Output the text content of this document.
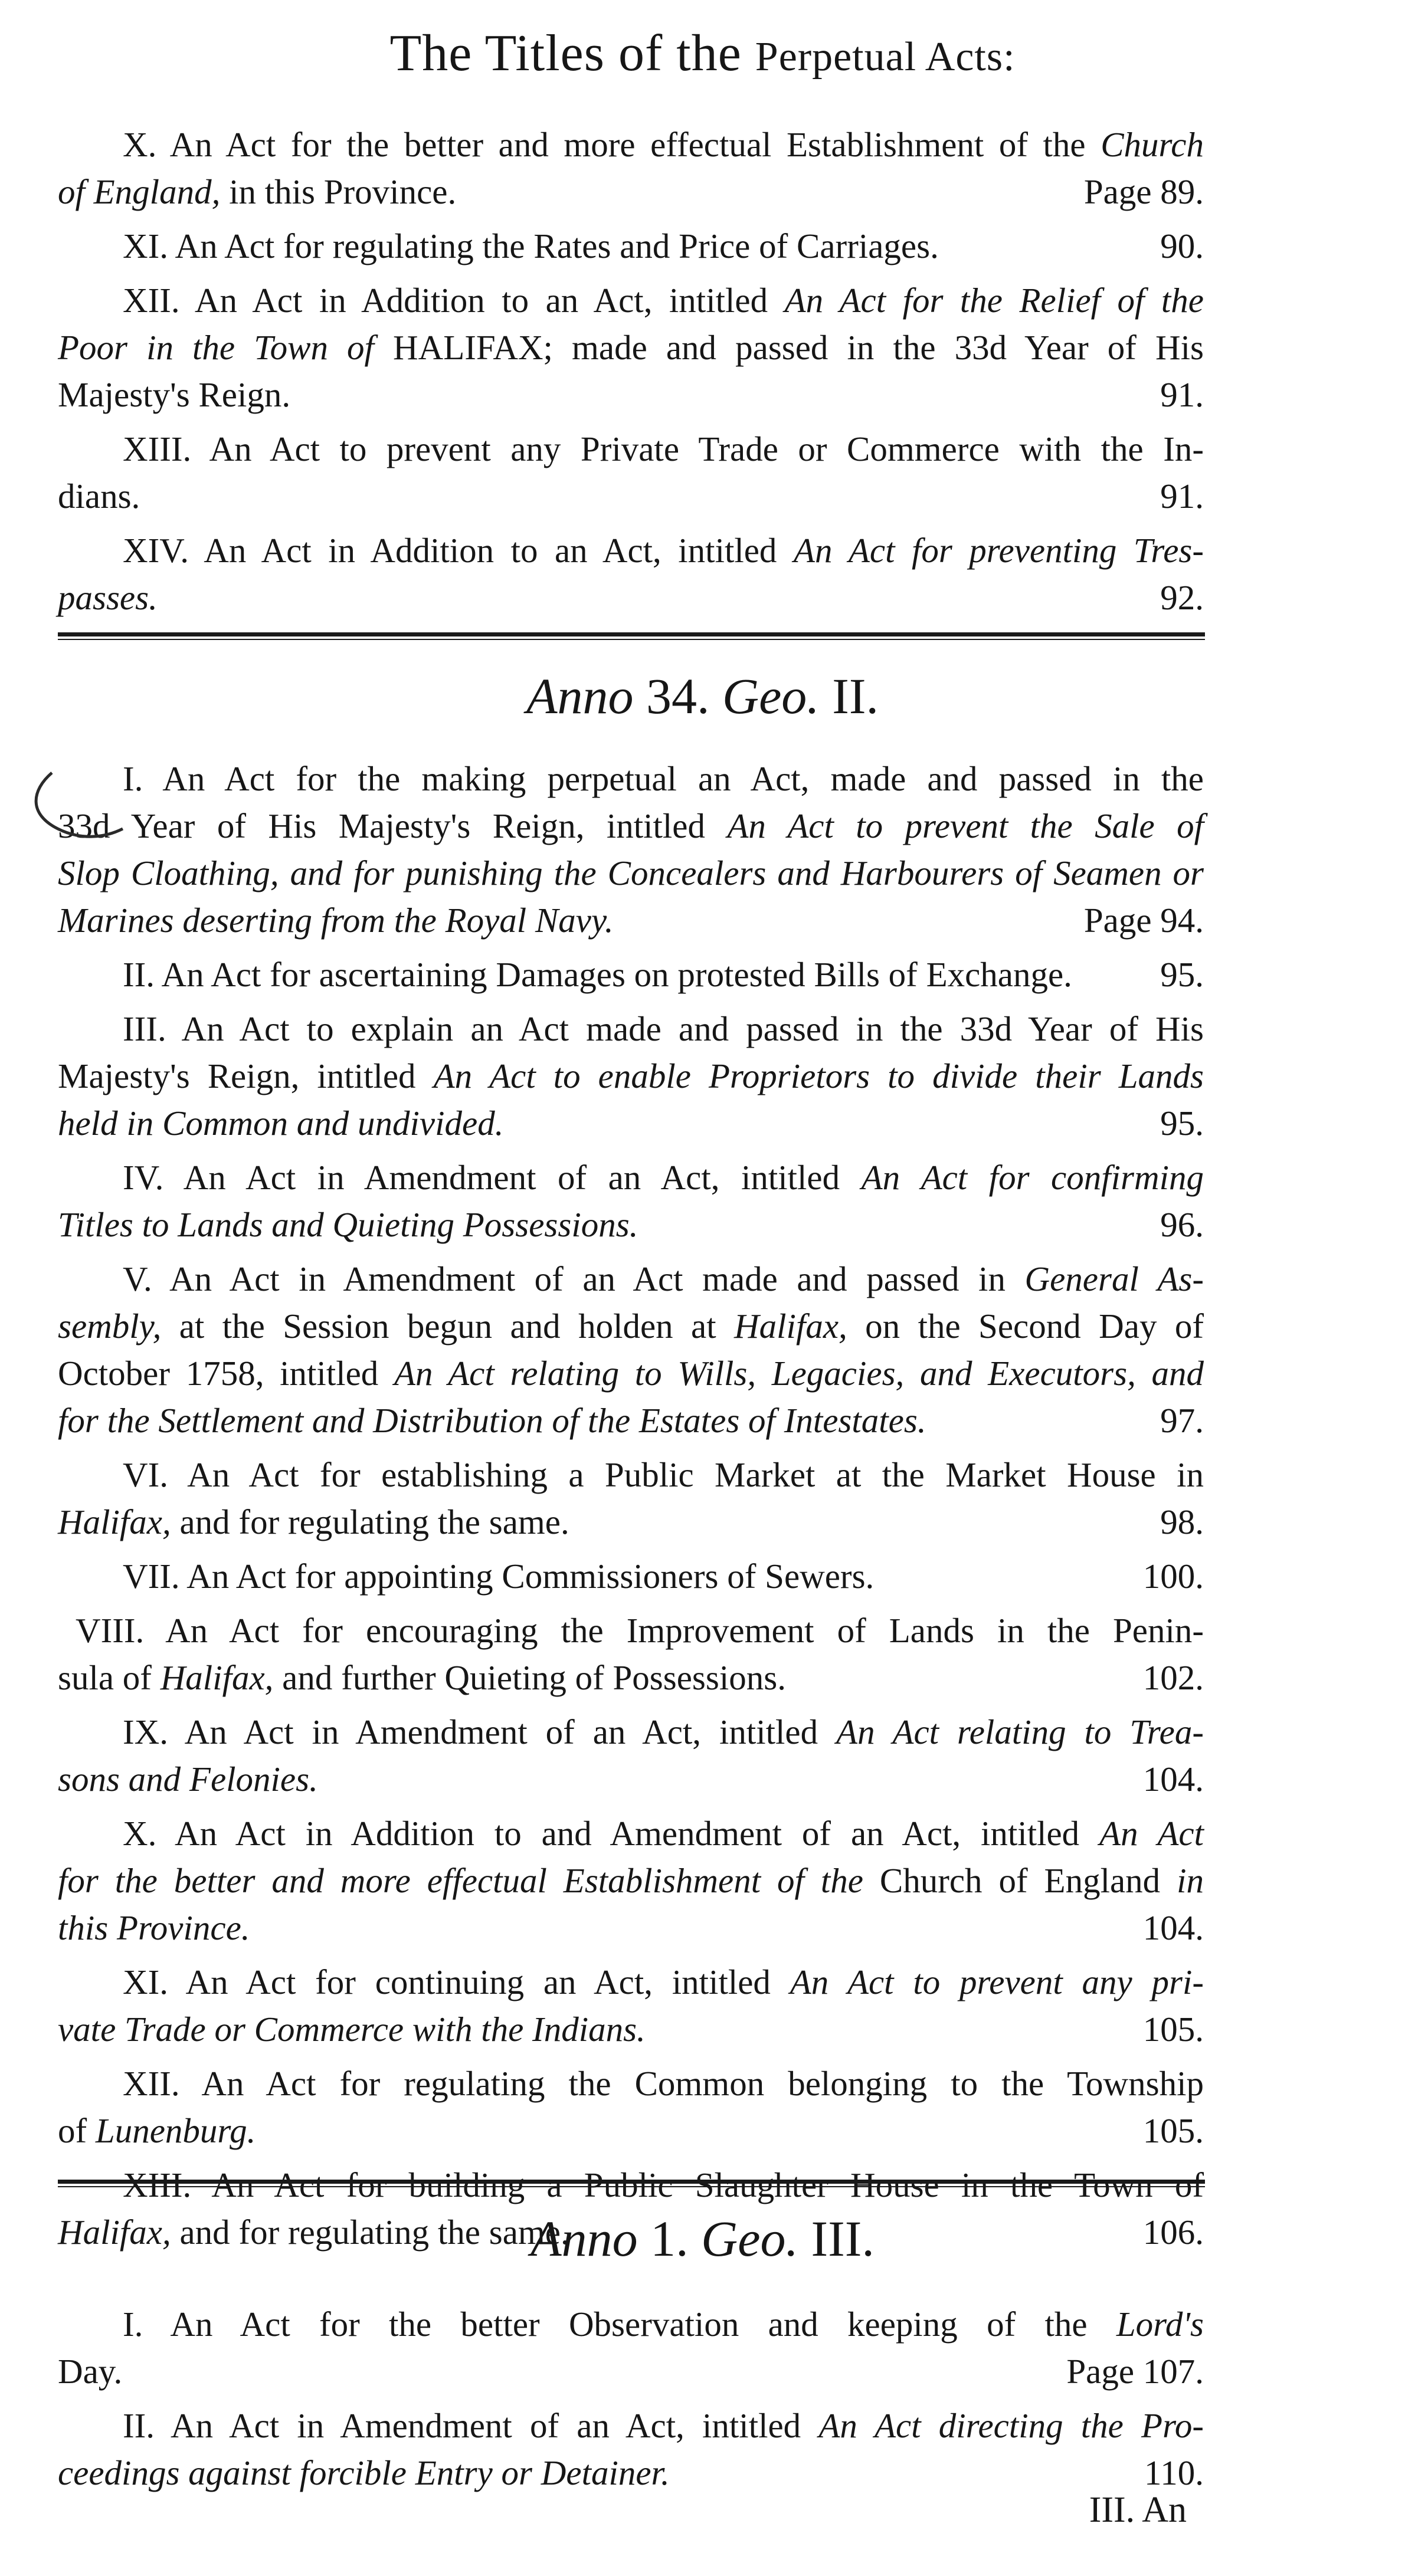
The Titles of the Perpetual Acts:
X. An Act for the better and more effectual Establishment of the Church
of England, in this Province.	Page 89.
XI. An Act for regulating the Rates and Price of Carriages.	90.
XII. An Act in Addition to an Act, intitled An Act for the Relief of the
Poor in the Town of HALIFAX; made and passed in the 33d Year of His
Majesty's Reign.	91.
XIII. An Act to prevent any Private Trade or Commerce with the In-
dians.	91.
XIV. An Act in Addition to an Act, intitled An Act for preventing Tres-
passes.	92.
Anno 34. Geo. II.
I. An Act for the making perpetual an Act, made and passed in the
33d Year of His Majesty's Reign, intitled An Act to prevent the Sale of
Slop Cloathing, and for punishing the Concealers and Harbourers of Seamen or
Marines deserting from the Royal Navy.	Page 94.
II. An Act for ascertaining Damages on protested Bills of Exchange.	95.
III. An Act to explain an Act made and passed in the 33d Year of His
Majesty's Reign, intitled An Act to enable Proprietors to divide their Lands
held in Common and undivided.	95.
IV. An Act in Amendment of an Act, intitled An Act for confirming
Titles to Lands and Quieting Possessions.	96.
V. An Act in Amendment of an Act made and passed in General As-
sembly, at the Session begun and holden at Halifax, on the Second Day of
October 1758, intitled An Act relating to Wills, Legacies, and Executors, and
for the Settlement and Distribution of the Estates of Intestates.	97.
VI. An Act for establishing a Public Market at the Market House in
Halifax, and for regulating the same.	98.
VII. An Act for appointing Commissioners of Sewers.	100.
VIII. An Act for encouraging the Improvement of Lands in the Penin-
sula of Halifax, and further Quieting of Possessions.	102.
IX. An Act in Amendment of an Act, intitled An Act relating to Trea-
sons and Felonies.	104.
X. An Act in Addition to and Amendment of an Act, intitled An Act
for the better and more effectual Establishment of the Church of England in
this Province.	104.
XI. An Act for continuing an Act, intitled An Act to prevent any pri-
vate Trade or Commerce with the Indians.	105.
XII. An Act for regulating the Common belonging to the Township
of Lunenburg.	105.
XIII. An Act for building a Public Slaughter House in the Town of
Halifax, and for regulating the same.	106.
Anno 1. Geo. III.
I. An Act for the better Observation and keeping of the Lord's
Day.	Page 107.
II. An Act in Amendment of an Act, intitled An Act directing the Pro-
ceedings against forcible Entry or Detainer.	110.
III. An
